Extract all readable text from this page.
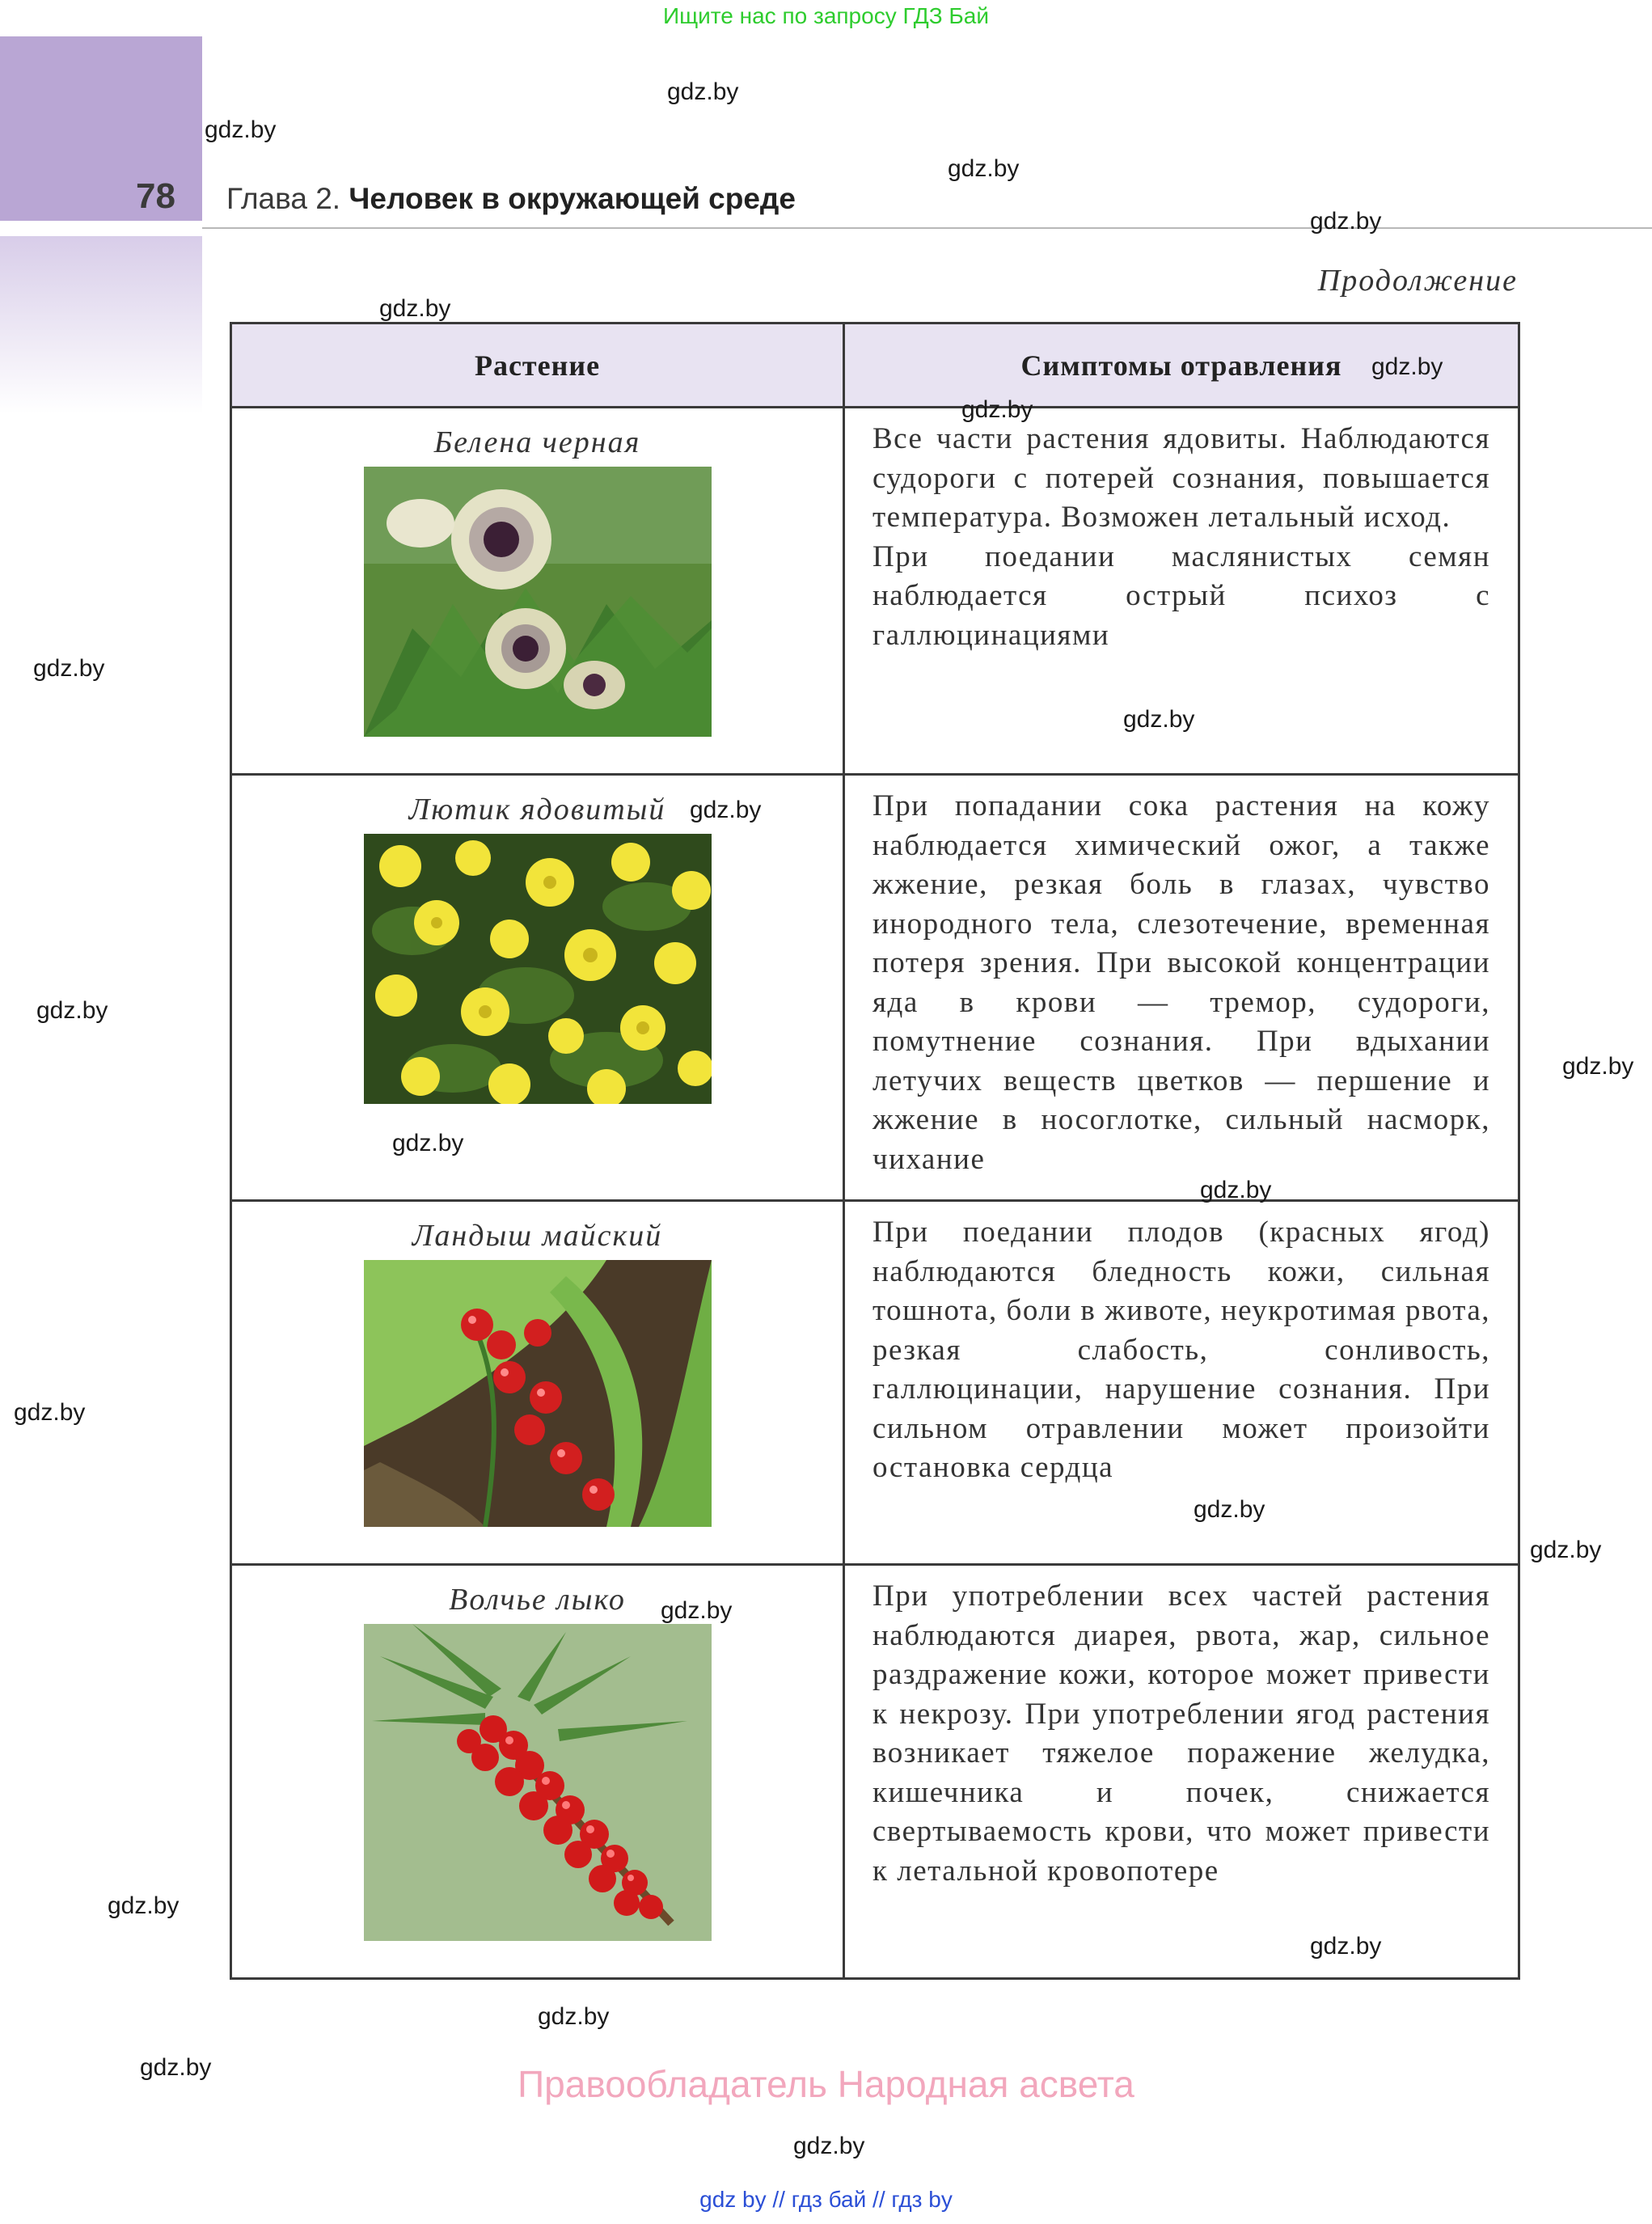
Ищите нас по запросу ГДЗ Бай
78 Глава 2. Человек в окружающей среде
Продолжение
Растение	Симптомы отравления

Белена черная	Все части растения ядовиты. Наблюдаются судороги с потерей сознания, повышается температура. Возможен летальный исход.
При поедании маслянистых семян наблюдается острый психоз с галлюцинациями

Лютик ядовитый	При попадании сока растения на кожу наблюдается химический ожог, а также жжение, резкая боль в глазах, чувство инородного тела, слезотечение, временная потеря зрения. При высокой концентрации яда в крови — тремор, судороги, помутнение сознания. При вдыхании летучих веществ цветков — першение и жжение в носоглотке, сильный насморк, чихание

Ландыш майский	При поедании плодов (красных ягод) наблюдаются бледность кожи, сильная тошнота, боли в животе, неукротимая рвота, резкая слабость, сонливость, галлюцинации, нарушение сознания. При сильном отравлении может произойти остановка сердца

Волчье лыко	При употреблении всех частей растения наблюдаются диарея, рвота, жар, сильное раздражение кожи, которое может привести к некрозу. При употреблении ягод растения возникает тяжелое поражение желудка, кишечника и почек, снижается свертываемость крови, что может привести к летальной кровопотере
gdz.by
gdz.by
gdz.by
gdz.by
gdz.by
gdz.by
gdz.by
gdz.by
gdz.by
gdz.by
gdz.by
gdz.by
gdz.by
gdz.by
gdz.by
gdz.by
gdz.by
gdz.by
gdz.by
gdz.by
gdz.by
gdz.by
gdz.by
Правообладатель Народная асвета
gdz by // гдз бай // гдз by
